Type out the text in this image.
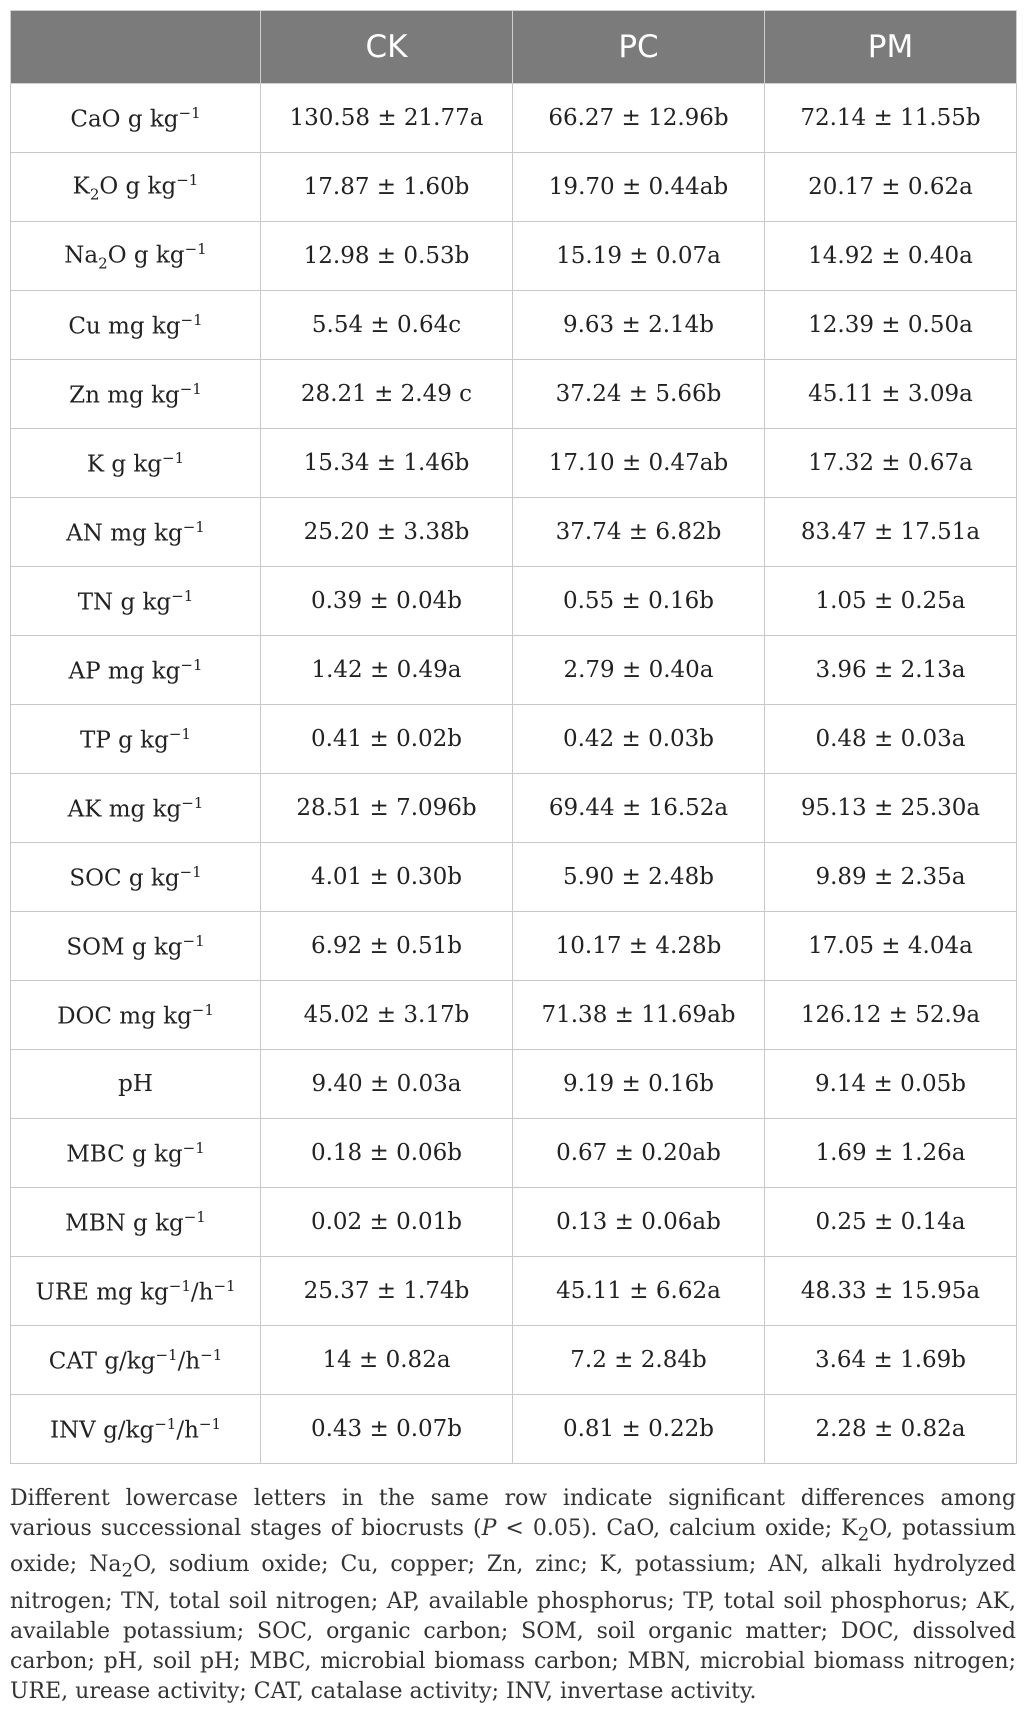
	CK	PC	PM
CaO g $kg^{-1}$	130.58 ± 21.77a	66.27 ± 12.96b	72.14 ± 11.55b
$K_2O$ g $kg^{-1}$	17.87 ± 1.60b	19.70 ± 0.44ab	20.17 ± 0.62a
$Na_2O$ g $kg^{-1}$	12.98 ± 0.53b	15.19 ± 0.07a	14.92 ± 0.40a
Cu mg $kg^{-1}$	5.54 ± 0.64c	9.63 ± 2.14b	12.39 ± 0.50a
Zn mg $kg^{-1}$	28.21 ± 2.49 c	37.24 ± 5.66b	45.11 ± 3.09a
K g $kg^{-1}$	15.34 ± 1.46b	17.10 ± 0.47ab	17.32 ± 0.67a
AN mg $kg^{-1}$	25.20 ± 3.38b	37.74 ± 6.82b	83.47 ± 17.51a
TN g $kg^{-1}$	0.39 ± 0.04b	0.55 ± 0.16b	1.05 ± 0.25a
AP mg $kg^{-1}$	1.42 ± 0.49a	2.79 ± 0.40a	3.96 ± 2.13a
TP g $kg^{-1}$	0.41 ± 0.02b	0.42 ± 0.03b	0.48 ± 0.03a
AK mg $kg^{-1}$	28.51 ± 7.096b	69.44 ± 16.52a	95.13 ± 25.30a
SOC g $kg^{-1}$	4.01 ± 0.30b	5.90 ± 2.48b	9.89 ± 2.35a
SOM g $kg^{-1}$	6.92 ± 0.51b	10.17 ± 4.28b	17.05 ± 4.04a
DOC mg $kg^{-1}$	45.02 ± 3.17b	71.38 ± 11.69ab	126.12 ± 52.9a
pH	9.40 ± 0.03a	9.19 ± 0.16b	9.14 ± 0.05b
MBC g $kg^{-1}$	0.18 ± 0.06b	0.67 ± 0.20ab	1.69 ± 1.26a
MBN g $kg^{-1}$	0.02 ± 0.01b	0.13 ± 0.06ab	0.25 ± 0.14a
URE mg $kg^{-1}/h^{-1}$	25.37 ± 1.74b	45.11 ± 6.62a	48.33 ± 15.95a
CAT $g/kg^{-1}/h^{-1}$	14 ± 0.82a	7.2 ± 2.84b	3.64 ± 1.69b
INV $g/kg^{-1}/h^{-1}$	0.43 ± 0.07b	0.81 ± 0.22b	2.28 ± 0.82a

Different lowercase letters in the same row indicate significant differences among various successional stages of biocrusts (P < 0.05). CaO, calcium oxide; $K_2O$, potassium oxide; $Na_2O$, sodium oxide; Cu, copper; Zn, zinc; K, potassium; AN, alkali hydrolyzed nitrogen; TN, total soil nitrogen; AP, available phosphorus; TP, total soil phosphorus; AK, available potassium; SOC, organic carbon; SOM, soil organic matter; DOC, dissolved carbon; pH, soil pH; MBC, microbial biomass carbon; MBN, microbial biomass nitrogen; URE, urease activity; CAT, catalase activity; INV, invertase activity.
